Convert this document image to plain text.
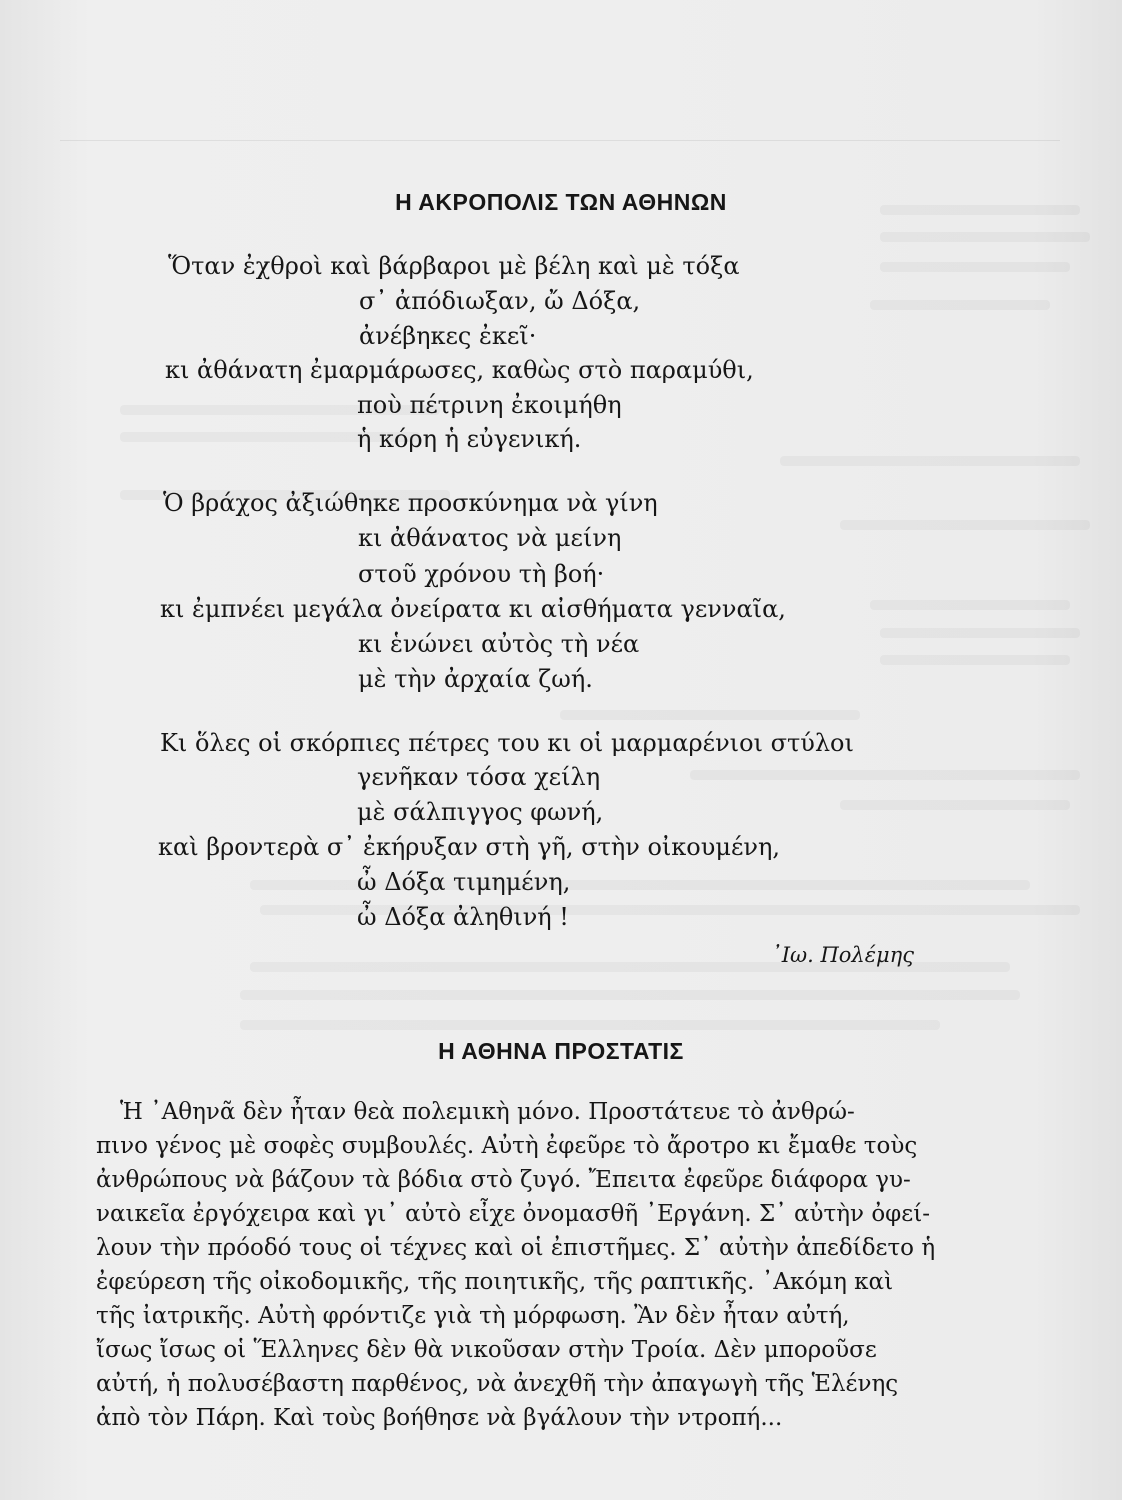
Η ΑΚΡΟΠΟΛΙΣ ΤΩΝ ΑΘΗΝΩΝ

Ὅταν ἐχθροὶ καὶ βάρβαροι μὲ βέλη καὶ μὲ τόξα

σ᾽ ἀπόδιωξαν, ὤ Δόξα,

ἀνέβηκες ἐκεῖ·

κι ἀθάνατη ἐμαρμάρωσες, καθὼς στὸ παραμύθι,

ποὺ πέτρινη ἐκοιμήθη

ἡ κόρη ἡ εὐγενική.

Ὁ βράχος ἀξιώθηκε προσκύνημα νὰ γίνη

κι ἀθάνατος νὰ μείνη

στοῦ χρόνου τὴ βοή·

κι ἐμπνέει μεγάλα ὀνείρατα κι αἰσθήματα γενναῖα,

κι ἑνώνει αὐτὸς τὴ νέα

μὲ τὴν ἀρχαία ζωή.

Κι ὅλες οἱ σκόρπιες πέτρες του κι οἱ μαρμαρένιοι στύλοι

γενῆκαν τόσα χείλη

μὲ σάλπιγγος φωνή,

καὶ βροντερὰ σ᾽ ἐκήρυξαν στὴ γῆ, στὴν οἰκουμένη,

ὦ Δόξα τιμημένη,

ὦ Δόξα ἀληθινή !

᾽Ιω. Πολέμης

Η ΑΘΗΝΑ ΠΡΟΣΤΑΤΙΣ

Ἡ ᾽Αθηνᾶ δὲν ἦταν θεὰ πολεμικὴ μόνο. Προστάτευε τὸ ἀνθρώ-

πινο γένος μὲ σοφὲς συμβουλές. Αὐτὴ ἐφεῦρε τὸ ἄροτρο κι ἔμαθε τοὺς

ἀνθρώπους νὰ βάζουν τὰ βόδια στὸ ζυγό. Ἔπειτα ἐφεῦρε διάφορα γυ-

ναικεῖα ἐργόχειρα καὶ γι᾽ αὐτὸ εἶχε ὀνομασθῆ ᾽Εργάνη. Σ᾽ αὐτὴν ὀφεί-

λουν τὴν πρόοδό τους οἱ τέχνες καὶ οἱ ἐπιστῆμες. Σ᾽ αὐτὴν ἀπεδίδετο ἡ

ἐφεύρεση τῆς οἰκοδομικῆς, τῆς ποιητικῆς, τῆς ραπτικῆς. ᾽Ακόμη καὶ

τῆς ἰατρικῆς. Αὐτὴ φρόντιζε γιὰ τὴ μόρφωση. Ἂν δὲν ἦταν αὐτή,

ἴσως ἴσως οἱ Ἕλληνες δὲν θὰ νικοῦσαν στὴν Τροία. Δὲν μποροῦσε

αὐτή, ἡ πολυσέβαστη παρθένος, νὰ ἀνεχθῆ τὴν ἀπαγωγὴ τῆς Ἑλένης

ἀπὸ τὸν Πάρη. Καὶ τοὺς βοήθησε νὰ βγάλουν τὴν ντροπή...
